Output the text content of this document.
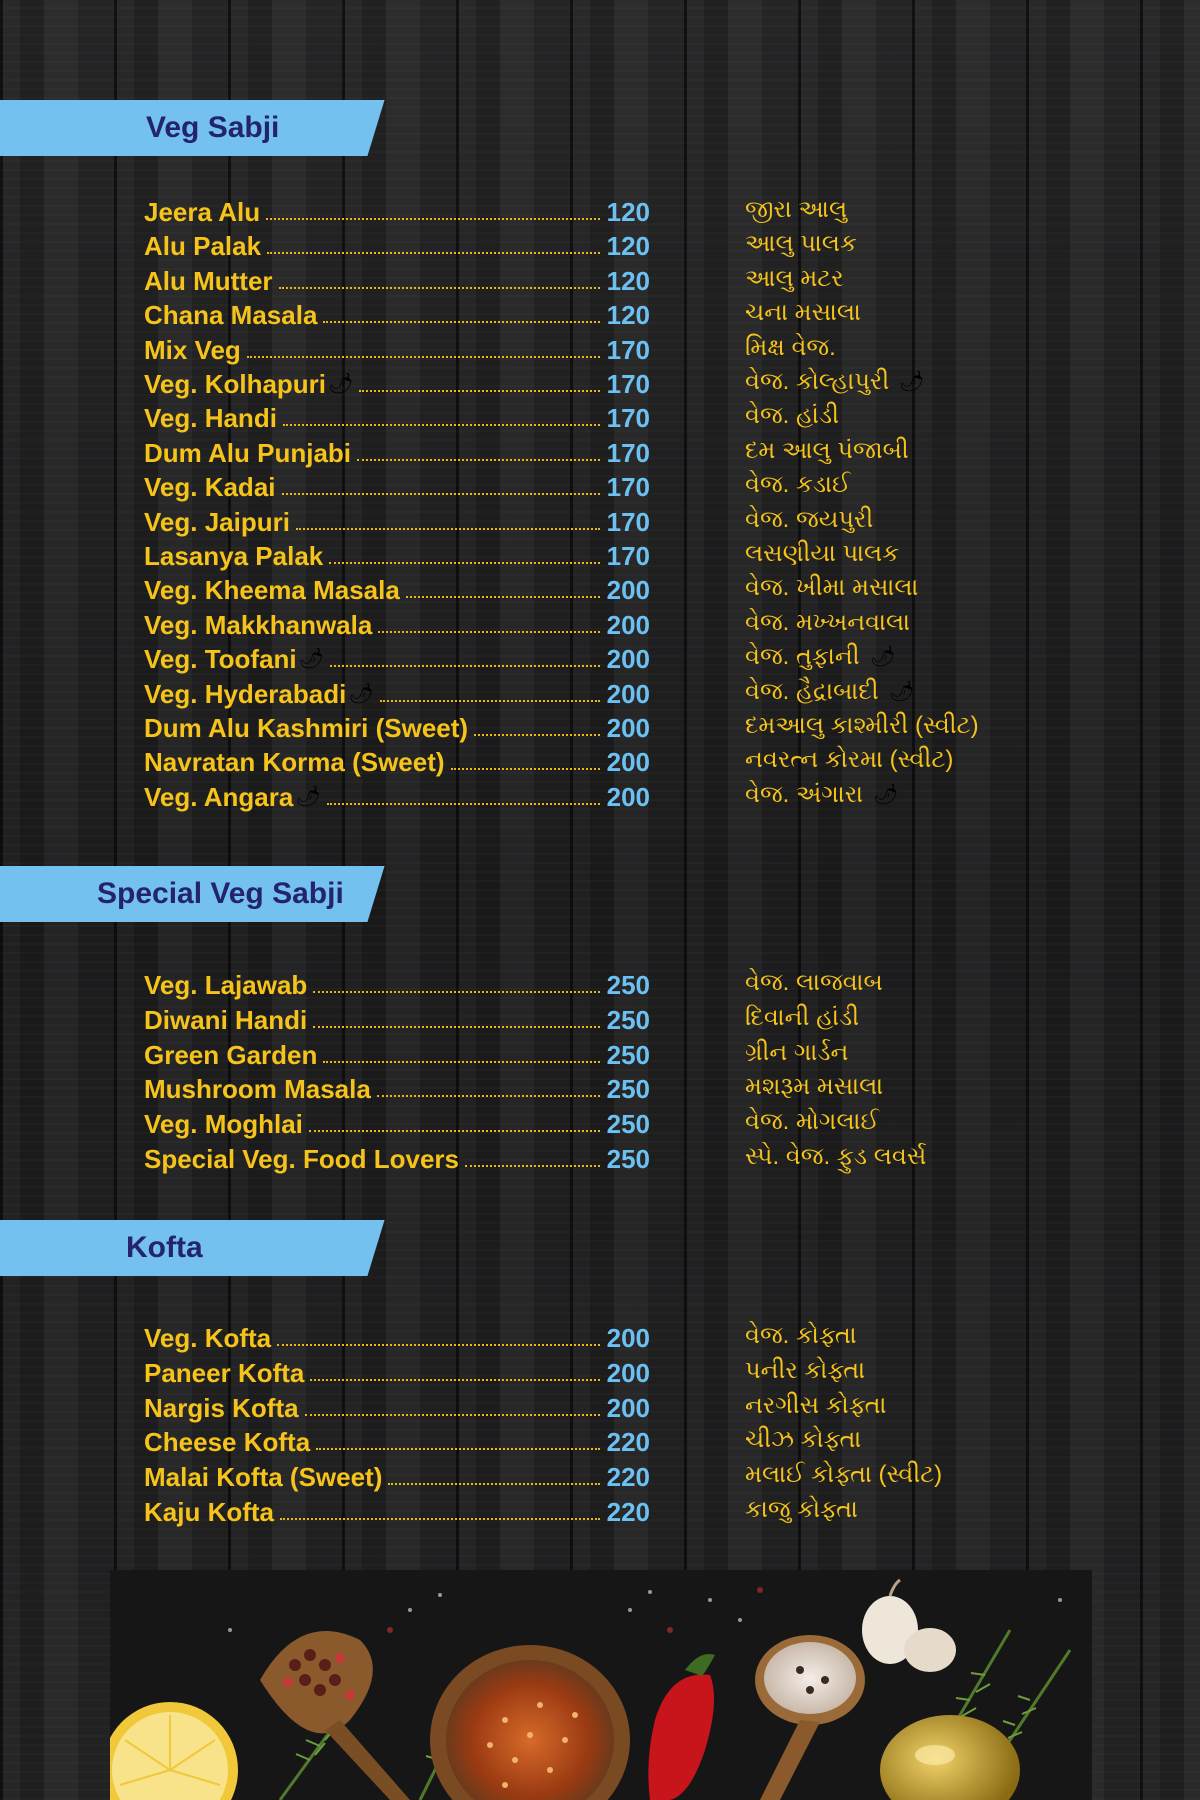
Veg Sabji
Jeera Alu	120	જીરા આલુ
Alu Palak	120	આલુ પાલક
Alu Mutter	120	આલુ મટર
Chana Masala	120	ચના મસાલા
Mix Veg	170	મિક્ષ વેજ.
Veg. Kolhapuri 🌶	170	વેજ. કોલ્હાપુરી 🌶
Veg. Handi	170	વેજ. હાંડી
Dum Alu Punjabi	170	દમ આલુ પંજાબી
Veg. Kadai	170	વેજ. કડાઈ
Veg. Jaipuri	170	વેજ. જયપુરી
Lasanya Palak	170	લસણીયા પાલક
Veg. Kheema Masala	200	વેજ. ખીમા મસાલા
Veg. Makkhanwala	200	વેજ. મખ્ખનવાલા
Veg. Toofani 🌶	200	વેજ. તુફાની 🌶
Veg. Hyderabadi 🌶	200	વેજ. હૈદ્રાબાદી 🌶
Dum Alu Kashmiri (Sweet)	200	દમઆલુ કાશ્મીરી (સ્વીટ)
Navratan Korma (Sweet)	200	નવરત્ન કોરમા (સ્વીટ)
Veg. Angara 🌶	200	વેજ. અંગારા 🌶
Special Veg Sabji
Veg. Lajawab	250	વેજ. લાજવાબ
Diwani Handi	250	દિવાની હાંડી
Green Garden	250	ગ્રીન ગાર્ડન
Mushroom Masala	250	મશરૂમ મસાલા
Veg. Moghlai	250	વેજ. મોગલાઈ
Special Veg. Food Lovers	250	સ્પે. વેજ. ફુડ લવર્સ
Kofta
Veg. Kofta	200	વેજ. કોફ્તા
Paneer Kofta	200	પનીર કોફ્તા
Nargis Kofta	200	નરગીસ કોફ્તા
Cheese Kofta	220	ચીઝ કોફ્તા
Malai Kofta (Sweet)	220	મલાઈ કોફ્તા (સ્વીટ)
Kaju Kofta	220	કાજુ કોફ્તા
